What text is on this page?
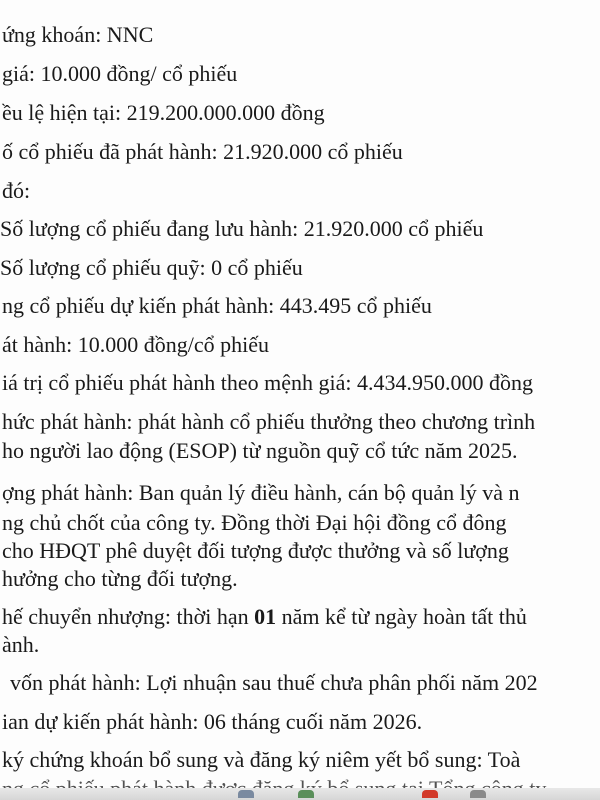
ứng khoán: NNC
giá: 10.000 đồng/ cổ phiếu
ều lệ hiện tại: 219.200.000.000 đồng
ố cổ phiếu đã phát hành: 21.920.000 cổ phiếu
đó:
Số lượng cổ phiếu đang lưu hành: 21.920.000 cổ phiếu
Số lượng cổ phiếu quỹ: 0 cổ phiếu
ng cổ phiếu dự kiến phát hành: 443.495 cổ phiếu
át hành: 10.000 đồng/cổ phiếu
iá trị cổ phiếu phát hành theo mệnh giá: 4.434.950.000 đồng
hức phát hành: phát hành cổ phiếu thưởng theo chương trình
ho người lao động (ESOP) từ nguồn quỹ cổ tức năm 2025.
ợng phát hành: Ban quản lý điều hành, cán bộ quản lý và n
ng chủ chốt của công ty. Đồng thời Đại hội đồng cổ đông
cho HĐQT phê duyệt đối tượng được thưởng và số lượng
hưởng cho từng đối tượng.
hế chuyển nhượng: thời hạn 01 năm kể từ ngày hoàn tất thủ
ành.
vốn phát hành: Lợi nhuận sau thuế chưa phân phối năm 202
ian dự kiến phát hành: 06 tháng cuối năm 2026.
ký chứng khoán bổ sung và đăng ký niêm yết bổ sung: Toà
